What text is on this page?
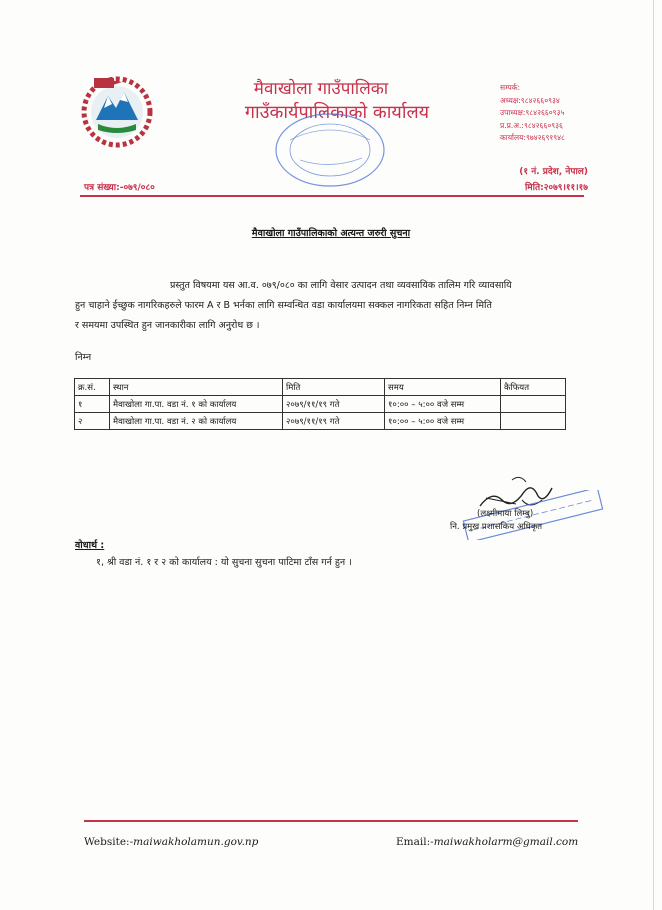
मैवाखोला गाउँपालिका
गाउँकार्यपालिकाको कार्यालय
सम्पर्क:
अध्यक्ष:९८४२६६०९३४
उपाध्यक्ष:९८४२६६०९३५
प्र.प्र.अ.:९८४२६६०९३६
कार्यालय:९७४२६९१९४८
(१ नं. प्रदेश, नेपाल)
पत्र संख्या:-०७९/०८०	मिति:२०७९।११।१७
मैवाखोला गाउँपालिकाको अत्यन्त जरुरी सुचना
प्रस्तुत विषयमा यस आ.व. ०७९/०८० का लागि वेसार उत्पादन तथा व्यवसायिक तालिम गरि व्यावसायि
हुन चाहाने ईच्छुक नागरिकहरुले फारम A र B भर्नका लागि सम्वन्धित वडा कार्यालयमा सक्कल नागरिकता सहित निम्न मिति
र समयमा उपस्थित हुन जानकारीका लागि अनुरोध छ ।
निम्न
क्र.सं.	स्थान	मिति	समय	कैफियत
१	मैवाखोला गा.पा. वडा नं. १ को कार्यालय	२०७९/११/१९ गते	१०:०० – ५:०० वजे सम्म	
२	मैवाखोला गा.पा. वडा नं. २ को कार्यालय	२०७९/११/१९ गते	१०:०० – ५:०० वजे सम्म	
(लक्ष्मीमाया लिम्बु)
नि. प्रमुख प्रशासकिय अधिकृत
वोधार्थ :
१, श्री वडा नं. १ र २ को कार्यालय : यो सुचना सुचना पाटिमा टाँस गर्न हुन ।
Website:-maiwakholamun.gov.np	Email:-maiwakholarm@gmail.com
